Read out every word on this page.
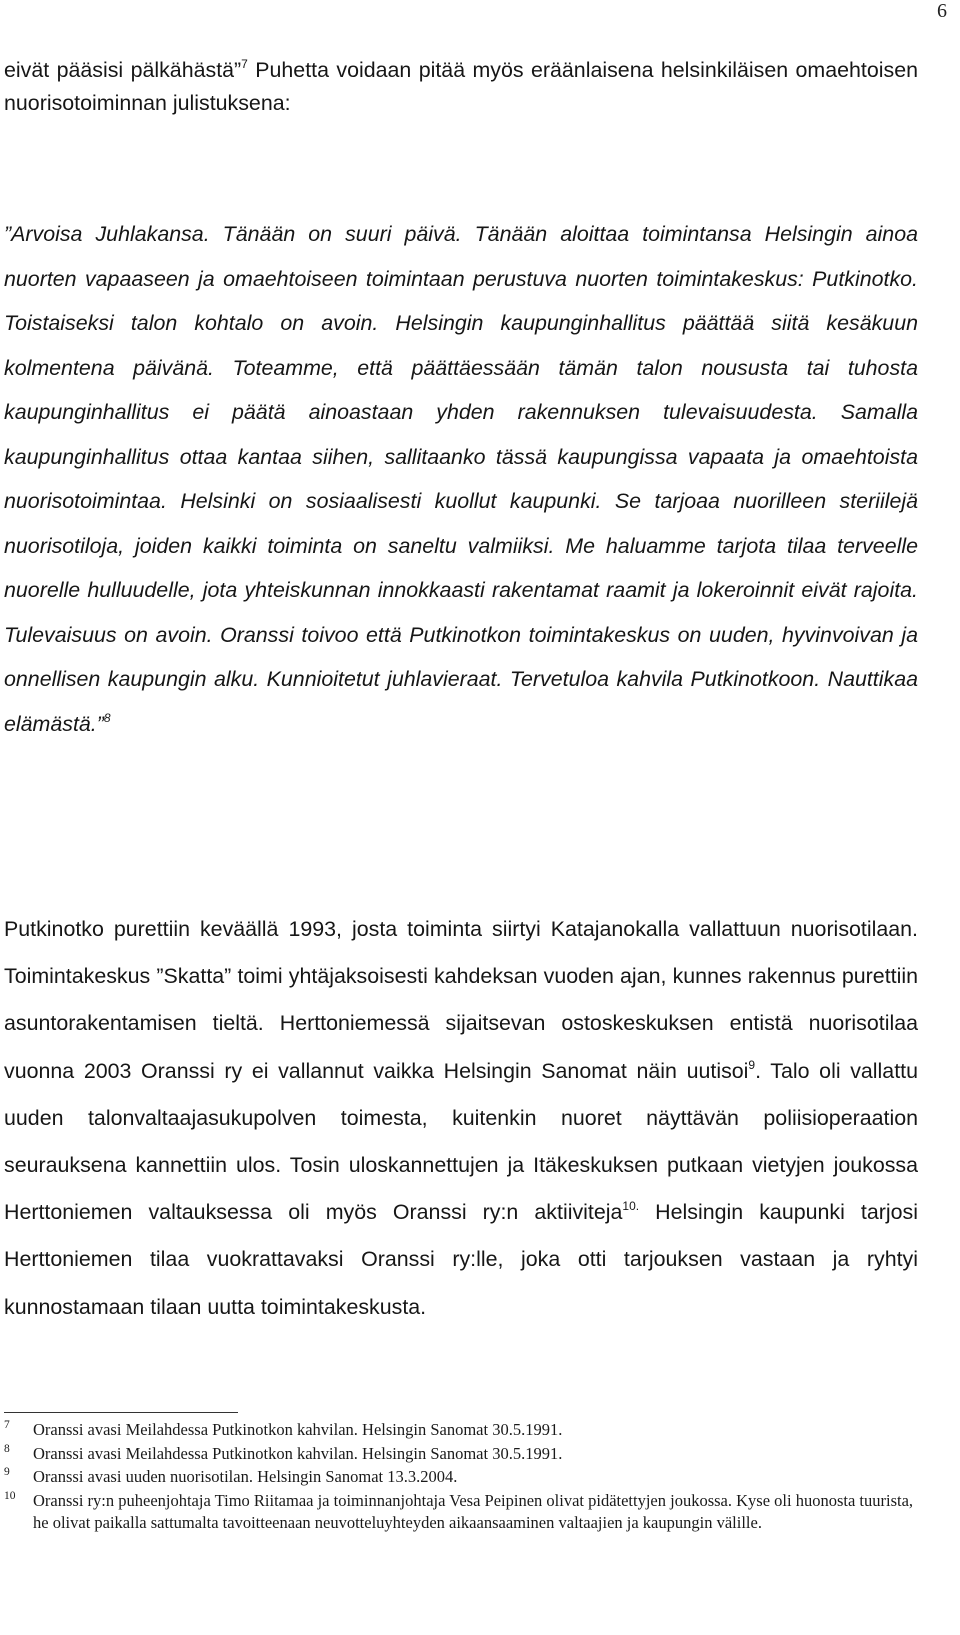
6

eivät pääsisi pälkähästä”$^7$ Puhetta voidaan pitää myös eräänlaisena helsinkiläisen omaehtoisen nuorisotoiminnan julistuksena:

”Arvoisa Juhlakansa. Tänään on suuri päivä. Tänään aloittaa toimintansa Helsingin ainoa nuorten vapaaseen ja omaehtoiseen toimintaan perustuva nuorten toimintakeskus: Putkinotko. Toistaiseksi talon kohtalo on avoin. Helsingin kaupunginhallitus päättää siitä kesäkuun kolmentena päivänä. Toteamme, että päättäessään tämän talon noususta tai tuhosta kaupunginhallitus ei päätä ainoastaan yhden rakennuksen tulevaisuudesta. Samalla kaupunginhallitus ottaa kantaa siihen, sallitaanko tässä kaupungissa vapaata ja omaehtoista nuorisotoimintaa. Helsinki on sosiaalisesti kuollut kaupunki. Se tarjoaa nuorilleen steriilejä nuorisotiloja, joiden kaikki toiminta on saneltu valmiiksi. Me haluamme tarjota tilaa terveelle nuorelle hulluudelle, jota yhteiskunnan innokkaasti rakentamat raamit ja lokeroinnit eivät rajoita. Tulevaisuus on avoin. Oranssi toivoo että Putkinotkon toimintakeskus on uuden, hyvinvoivan ja onnellisen kaupungin alku. Kunnioitetut juhlavieraat. Tervetuloa kahvila Putkinotkoon. Nauttikaa elämästä.”$^8$

Putkinotko purettiin keväällä 1993, josta toiminta siirtyi Katajanokalla vallattuun nuorisotilaan. Toimintakeskus ”Skatta” toimi yhtäjaksoisesti kahdeksan vuoden ajan, kunnes rakennus purettiin asuntorakentamisen tieltä. Herttoniemessä sijaitsevan ostoskeskuksen entistä nuorisotilaa vuonna 2003 Oranssi ry ei vallannut vaikka Helsingin Sanomat näin uutisoi$^9$. Talo oli vallattu uuden talonvaltaajasukupolven toimesta, kuitenkin nuoret näyttävän poliisioperaation seurauksena kannettiin ulos. Tosin uloskannettujen ja Itäkeskuksen putkaan vietyjen joukossa Herttoniemen valtauksessa oli myös Oranssi ry:n aktiiviteja$^{10.}$ Helsingin kaupunki tarjosi Herttoniemen tilaa vuokrattavaksi Oranssi ry:lle, joka otti tarjouksen vastaan ja ryhtyi kunnostamaan tilaan uutta toimintakeskusta.

7 Oranssi avasi Meilahdessa Putkinotkon kahvilan. Helsingin Sanomat 30.5.1991.
8 Oranssi avasi Meilahdessa Putkinotkon kahvilan. Helsingin Sanomat 30.5.1991.
9 Oranssi avasi uuden nuorisotilan. Helsingin Sanomat 13.3.2004.
10 Oranssi ry:n puheenjohtaja Timo Riitamaa ja toiminnanjohtaja Vesa Peipinen olivat pidätettyjen joukossa. Kyse oli huonosta tuurista, he olivat paikalla sattumalta tavoitteenaan neuvotteluyhteyden aikaansaaminen valtaajien ja kaupungin välille.
